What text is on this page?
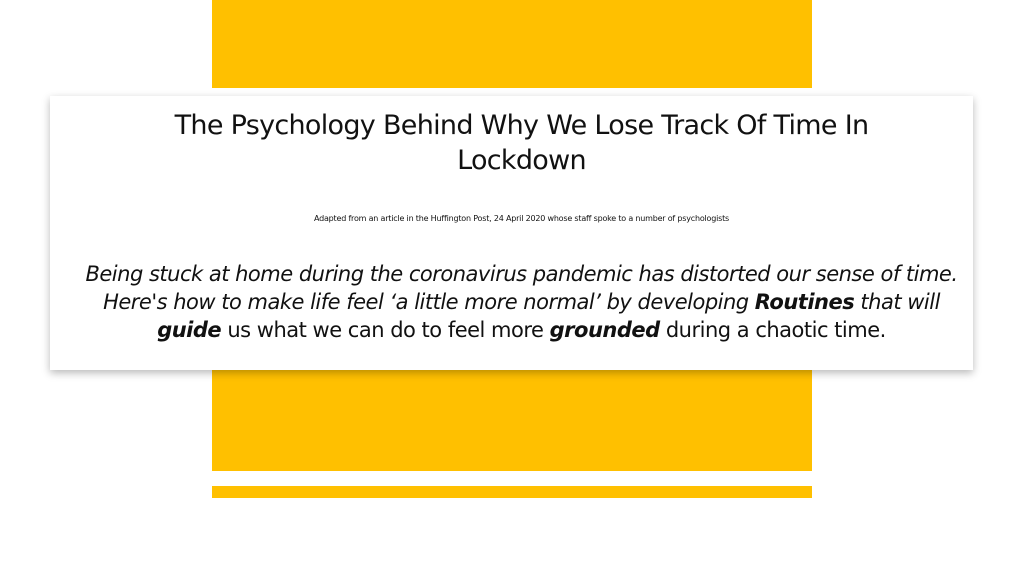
The Psychology Behind Why We Lose Track Of Time In
Lockdown
Adapted from an article in the Huffington Post, 24 April 2020 whose staff spoke to a number of psychologists
Being stuck at home during the coronavirus pandemic has distorted our sense of time.
Here's how to make life feel ‘a little more normal’ by developing Routines that will
guide us what we can do to feel more grounded during a chaotic time.
